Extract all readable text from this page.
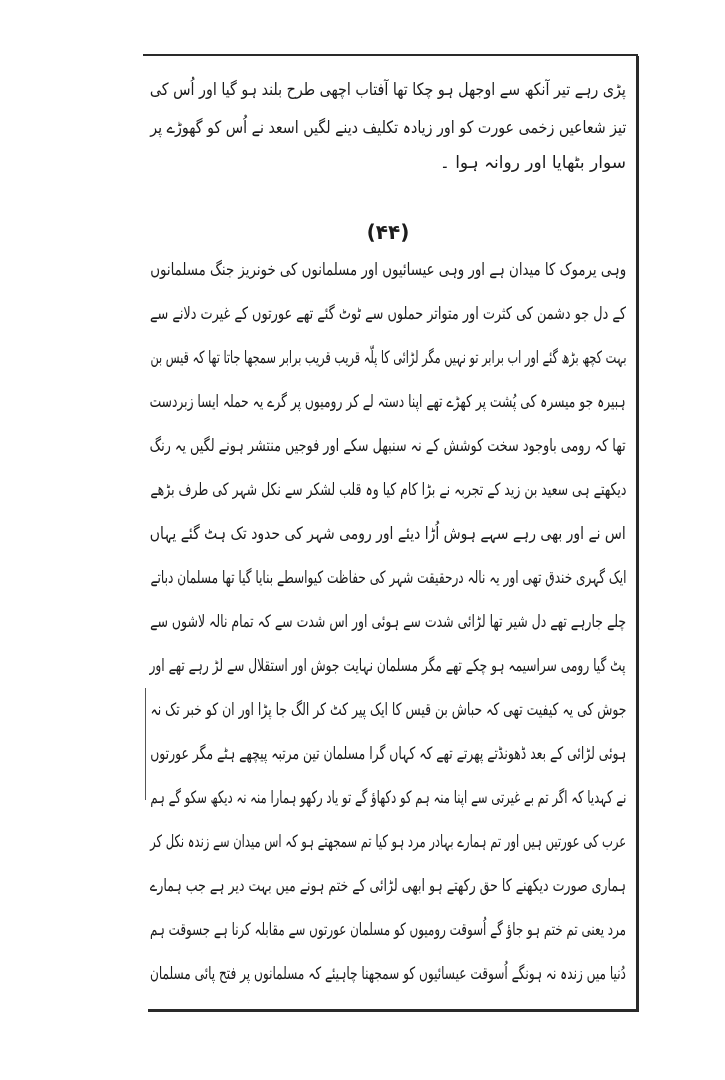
پڑی رہے تیر آنکھ سے اوجھل ہو چکا تھا آفتاب اچھی طرح بلند ہو گیا اور اُس کی
تیز شعاعیں زخمی عورت کو اور زیادہ تکلیف دینے لگیں اسعد نے اُس کو گھوڑے پر
سوار بٹھایا اور روانہ ہوا ۔
(۴۴)
وہی یرموک کا میدان ہے اور وہی عیسائیوں اور مسلمانوں کی خونریز جنگ مسلمانوں
کے دل جو دشمن کی کثرت اور متواتر حملوں سے ٹوٹ گئے تھے عورتوں کے غیرت دلانے سے
بہت کچھ بڑھ گئے اور اب برابر تو نہیں مگر لڑائی کا پلّہ قریب قریب برابر سمجھا جاتا تھا کہ قیس بن
ہبیرہ جو میسرہ کی پُشت پر کھڑے تھے اپنا دستہ لے کر رومیوں پر گرے یہ حملہ ایسا زبردست
تھا کہ رومی باوجود سخت کوشش کے نہ سنبھل سکے اور فوجیں منتشر ہونے لگیں یہ رنگ
دیکھتے ہی سعید بن زید کے تجربہ نے بڑا کام کیا وہ قلب لشکر سے نکل شہر کی طرف بڑھے
اس نے اور بھی رہے سہے ہوش اُڑا دیئے اور رومی شہر کی حدود تک ہٹ گئے یہاں
ایک گہری خندق تھی اور یہ نالہ درحقیقت شہر کی حفاظت کیواسطے بنایا گیا تھا مسلمان دباتے
چلے جارہے تھے دل شیر تھا لڑائی شدت سے ہوئی اور اس شدت سے کہ تمام نالہ لاشوں سے
پٹ گیا رومی سراسیمہ ہو چکے تھے مگر مسلمان نہایت جوش اور استقلال سے لڑ رہے تھے اور
جوش کی یہ کیفیت تھی کہ حباش بن قیس کا ایک پیر کٹ کر الگ جا پڑا اور ان کو خبر تک نہ
ہوئی لڑائی کے بعد ڈھونڈتے پھرتے تھے کہ کہاں گرا مسلمان تین مرتبہ پیچھے ہٹے مگر عورتوں
نے کہدیا کہ اگر تم بے غیرتی سے اپنا منہ ہم کو دکھاؤ گے تو یاد رکھو ہمارا منہ نہ دیکھ سکو گے ہم
عرب کی عورتیں ہیں اور تم ہمارے بہادر مرد ہو کیا تم سمجھتے ہو کہ اس میدان سے زندہ نکل کر
ہماری صورت دیکھنے کا حق رکھتے ہو ابھی لڑائی کے ختم ہونے میں بہت دیر ہے جب ہمارے
مرد یعنی تم ختم ہو جاؤ گے اُسوقت رومیوں کو مسلمان عورتوں سے مقابلہ کرنا ہے جسوقت ہم
دُنیا میں زندہ نہ ہونگے اُسوقت عیسائیوں کو سمجھنا چاہیئے کہ مسلمانوں پر فتح پائی مسلمان
